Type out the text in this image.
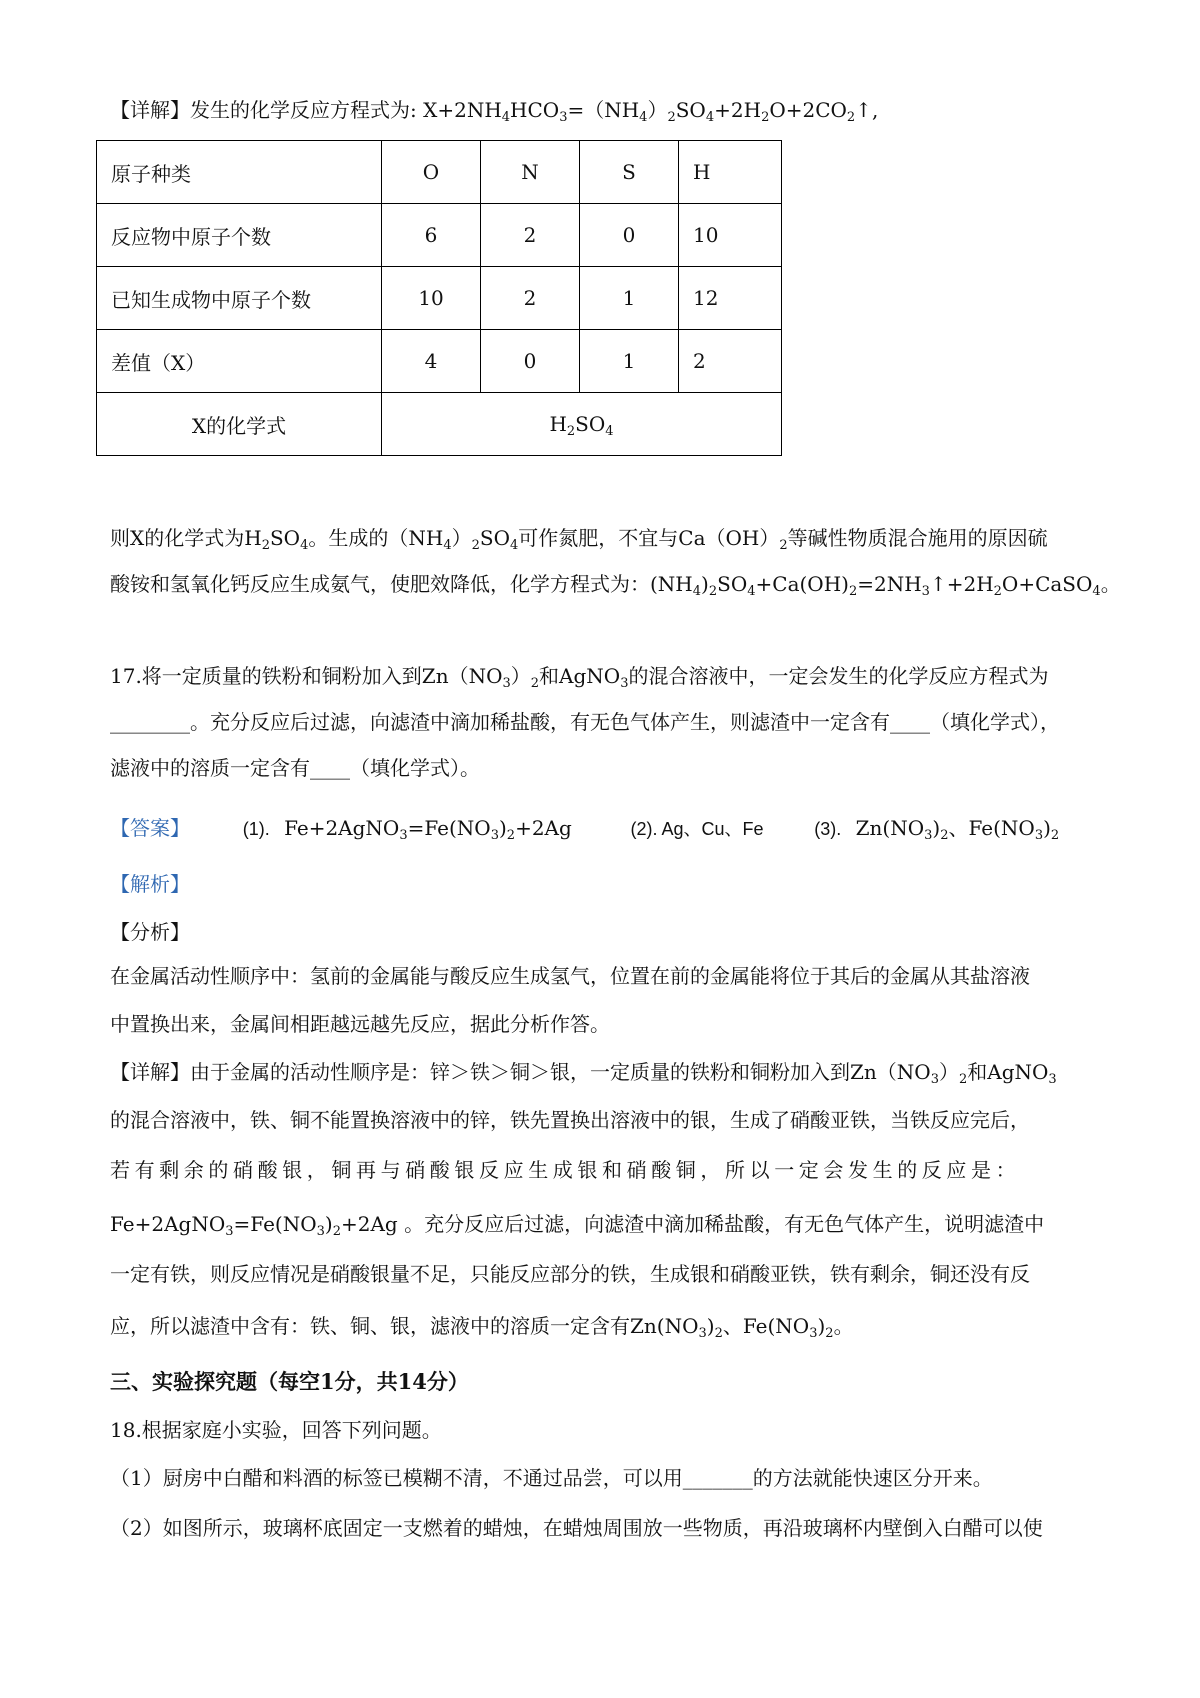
【详解】发生的化学反应方程式为: $X+2NH_4HCO_3=(NH_4)_2SO_4+2H_2O+2CO_2↑$,
原子种类	O	N	S	H
反应物中原子个数	6	2	0	10
已知生成物中原子个数	10	2	1	12
差值（X）	4	0	1	2
X的化学式	$H_2SO_4$
则X的化学式为$H_2SO_4$。生成的$(NH_4)_2SO_4$可作氮肥，不宜与$Ca(OH)_2$等碱性物质混合施用的原因硫
酸铵和氢氧化钙反应生成氨气，使肥效降低，化学方程式为：$(NH_4)_2SO_4+Ca(OH)_2=2NH_3↑+2H_2O+CaSO_4$。
17.将一定质量的铁粉和铜粉加入到$Zn(NO_3)_2$和AgNO$_3$的混合溶液中，一定会发生的化学反应方程式为
________。充分反应后过滤，向滤渣中滴加稀盐酸，有无色气体产生，则滤渣中一定含有____（填化学式），
滤液中的溶质一定含有____（填化学式）。
【答案】	(1). $Fe+2AgNO_3=Fe(NO_3)_2+2Ag$	(2). Ag、Cu、Fe	(3). $Zn(NO_3)_2$、$Fe(NO_3)_2$
【解析】
【分析】
在金属活动性顺序中：氢前的金属能与酸反应生成氢气，位置在前的金属能将位于其后的金属从其盐溶液
中置换出来，金属间相距越远越先反应，据此分析作答。
【详解】由于金属的活动性顺序是：锌＞铁＞铜＞银，一定质量的铁粉和铜粉加入到$Zn(NO_3)_2$和AgNO$_3$
的混合溶液中，铁、铜不能置换溶液中的锌，铁先置换出溶液中的银，生成了硝酸亚铁，当铁反应完后，
若有剩余的硝酸银，铜再与硝酸银反应生成银和硝酸铜，所以一定会发生的反应是：
$Fe+2AgNO_3=Fe(NO_3)_2+2Ag$ 。充分反应后过滤，向滤渣中滴加稀盐酸，有无色气体产生，说明滤渣中
一定有铁，则反应情况是硝酸银量不足，只能反应部分的铁，生成银和硝酸亚铁，铁有剩余，铜还没有反
应，所以滤渣中含有：铁、铜、银，滤液中的溶质一定含有$Zn(NO_3)_2$、$Fe(NO_3)_2$。
三、实验探究题（每空1分，共14分）
18.根据家庭小实验，回答下列问题。
（1）厨房中白醋和料酒的标签已模糊不清，不通过品尝，可以用_______的方法就能快速区分开来。
（2）如图所示，玻璃杯底固定一支燃着的蜡烛，在蜡烛周围放一些物质，再沿玻璃杯内壁倒入白醋可以使
